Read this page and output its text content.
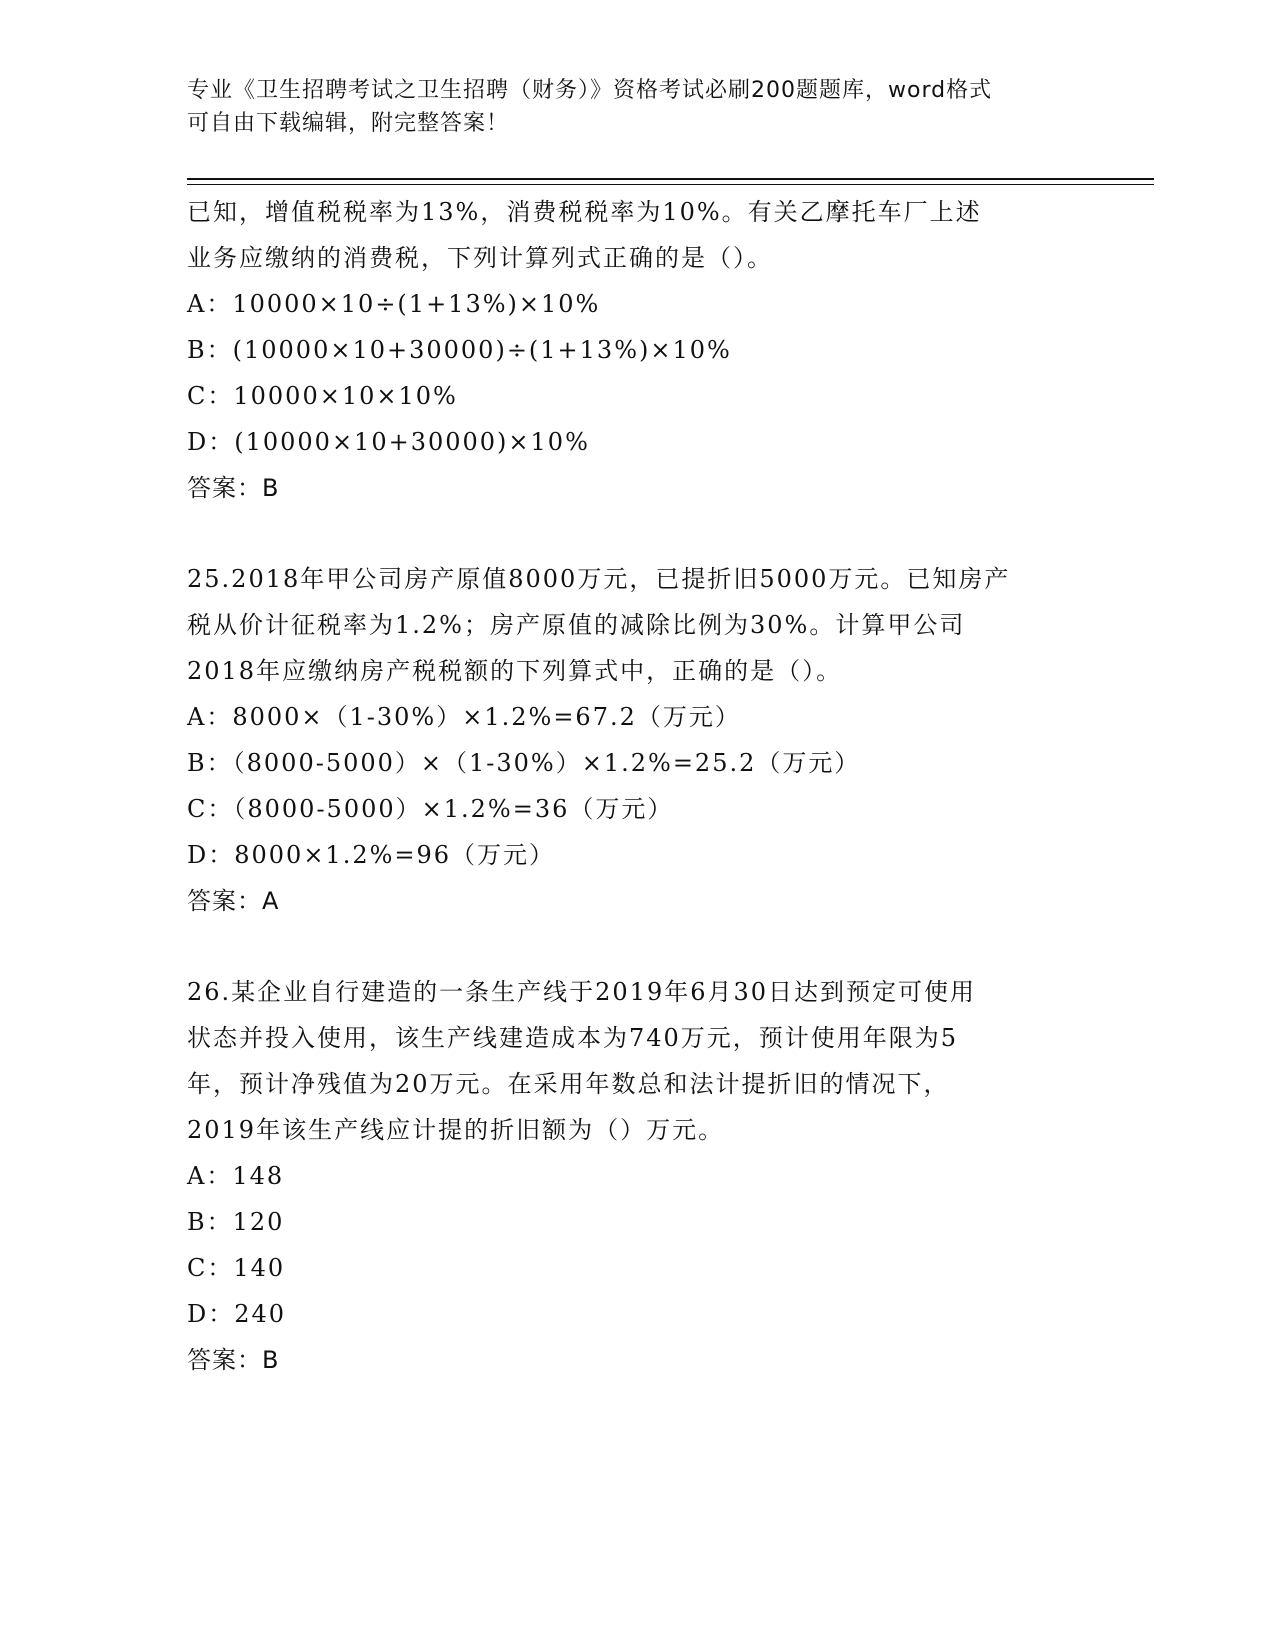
专业《卫生招聘考试之卫生招聘（财务）》资格考试必刷200题题库，word格式
可自由下载编辑，附完整答案！
已知，增值税税率为13%，消费税税率为10%。有关乙摩托车厂上述
业务应缴纳的消费税，下列计算列式正确的是（）。
A：10000×10÷(1+13%)×10%
B：(10000×10+30000)÷(1+13%)×10%
C：10000×10×10%
D：(10000×10+30000)×10%
答案：B
25.2018年甲公司房产原值8000万元，已提折旧5000万元。已知房产
税从价计征税率为1.2%；房产原值的减除比例为30%。计算甲公司
2018年应缴纳房产税税额的下列算式中，正确的是（）。
A：8000×（1-30%）×1.2%=67.2（万元）
B：（8000-5000）×（1-30%）×1.2%=25.2（万元）
C：（8000-5000）×1.2%=36（万元）
D：8000×1.2%=96（万元）
答案：A
26.某企业自行建造的一条生产线于2019年6月30日达到预定可使用
状态并投入使用，该生产线建造成本为740万元，预计使用年限为5
年，预计净残值为20万元。在采用年数总和法计提折旧的情况下，
2019年该生产线应计提的折旧额为（）万元。
A：148
B：120
C：140
D：240
答案：B
